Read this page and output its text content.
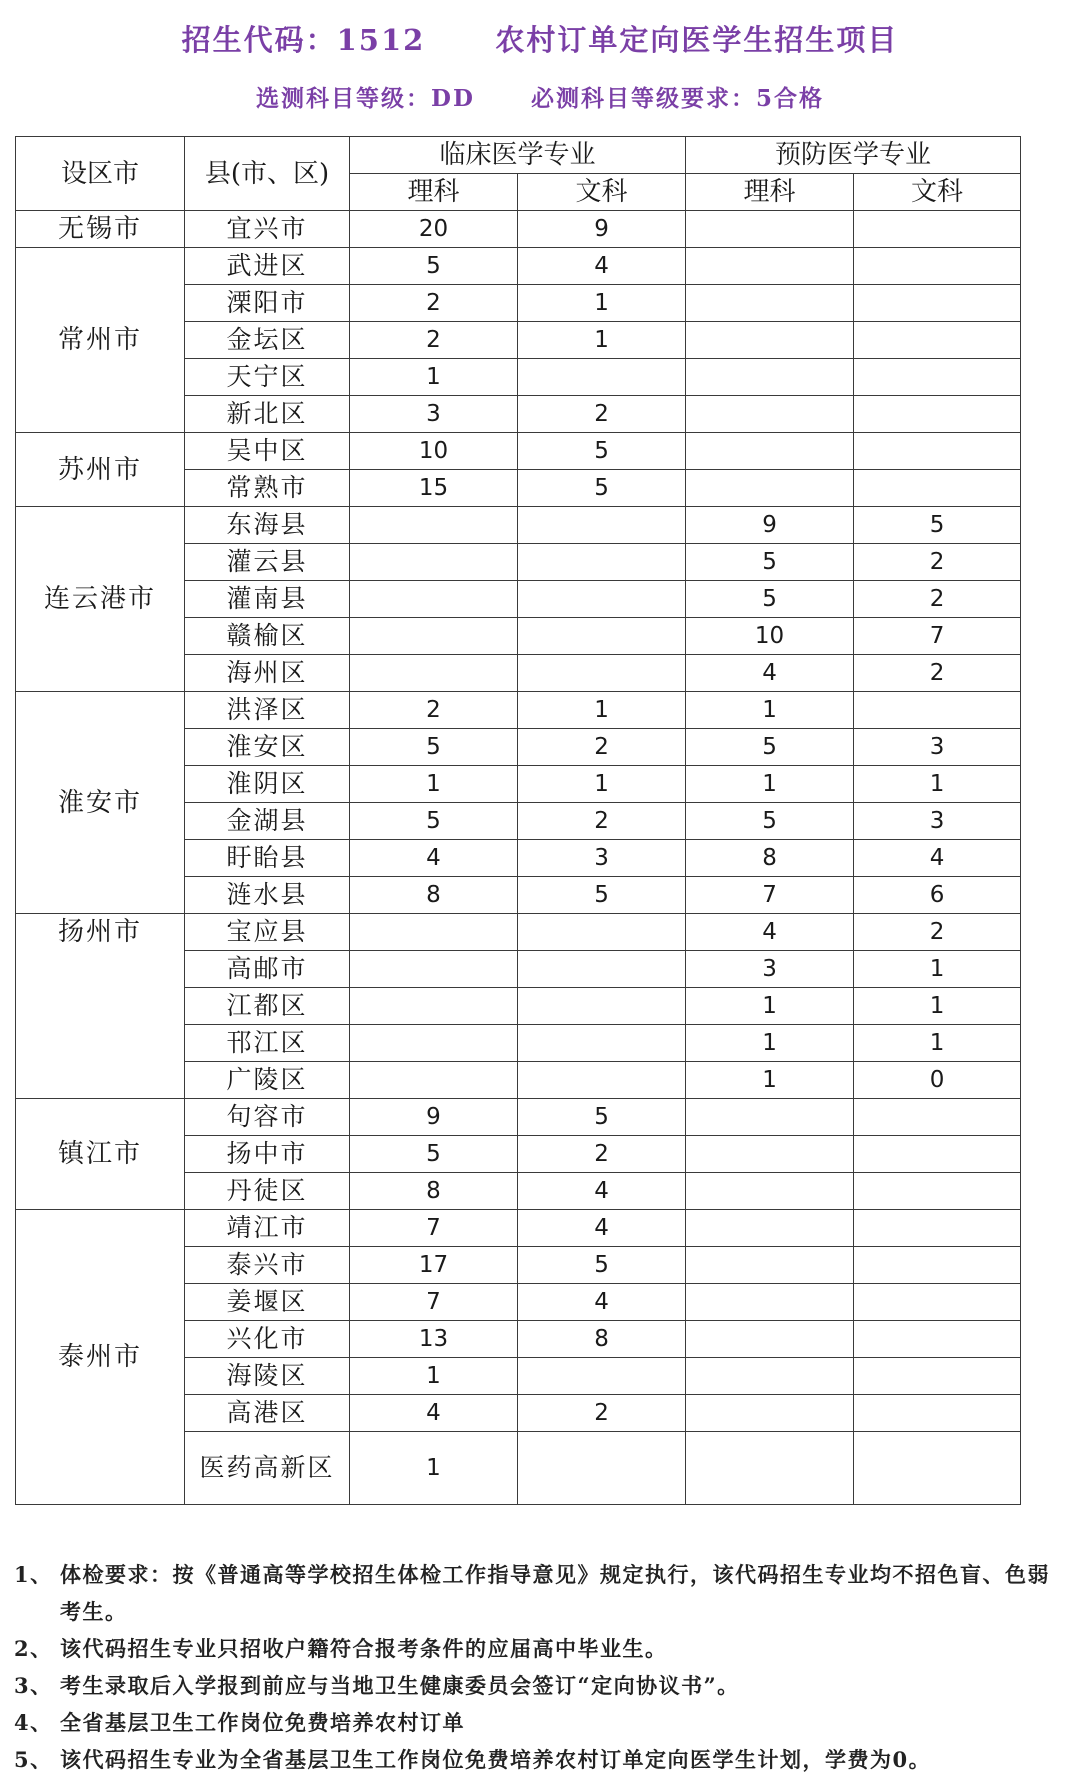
招生代码：1512 农村订单定向医学生招生项目
选测科目等级：DD 必测科目等级要求：5合格
设区市	县(市、区)	临床医学专业		预防医学专业	
		理科	文科	理科	文科
无锡市	宜兴市	20	9		
常州市	武进区	5	4		
	溧阳市	2	1		
	金坛区	2	1		
	天宁区	1			
	新北区	3	2		
苏州市	吴中区	10	5		
	常熟市	15	5		
连云港市	东海县			9	5
	灌云县			5	2
	灌南县			5	2
	赣榆区			10	7
	海州区			4	2
淮安市	洪泽区	2	1	1	
	淮安区	5	2	5	3
	淮阴区	1	1	1	1
	金湖县	5	2	5	3
	盱眙县	4	3	8	4
	涟水县	8	5	7	6
扬州市	宝应县			4	2
	高邮市			3	1
	江都区			1	1
	邗江区			1	1
	广陵区			1	0
镇江市	句容市	9	5		
	扬中市	5	2		
	丹徒区	8	4		
泰州市	靖江市	7	4		
	泰兴市	17	5		
	姜堰区	7	4		
	兴化市	13	8		
	海陵区	1			
	高港区	4	2		
	医药高新区	1			
1、 体检要求：按《普通高等学校招生体检工作指导意见》规定执行，该代码招生专业均不招色盲、色弱考生。
2、 该代码招生专业只招收户籍符合报考条件的应届高中毕业生。
3、 考生录取后入学报到前应与当地卫生健康委员会签订“定向协议书”。
4、 全省基层卫生工作岗位免费培养农村订单
5、 该代码招生专业为全省基层卫生工作岗位免费培养农村订单定向医学生计划，学费为0。
